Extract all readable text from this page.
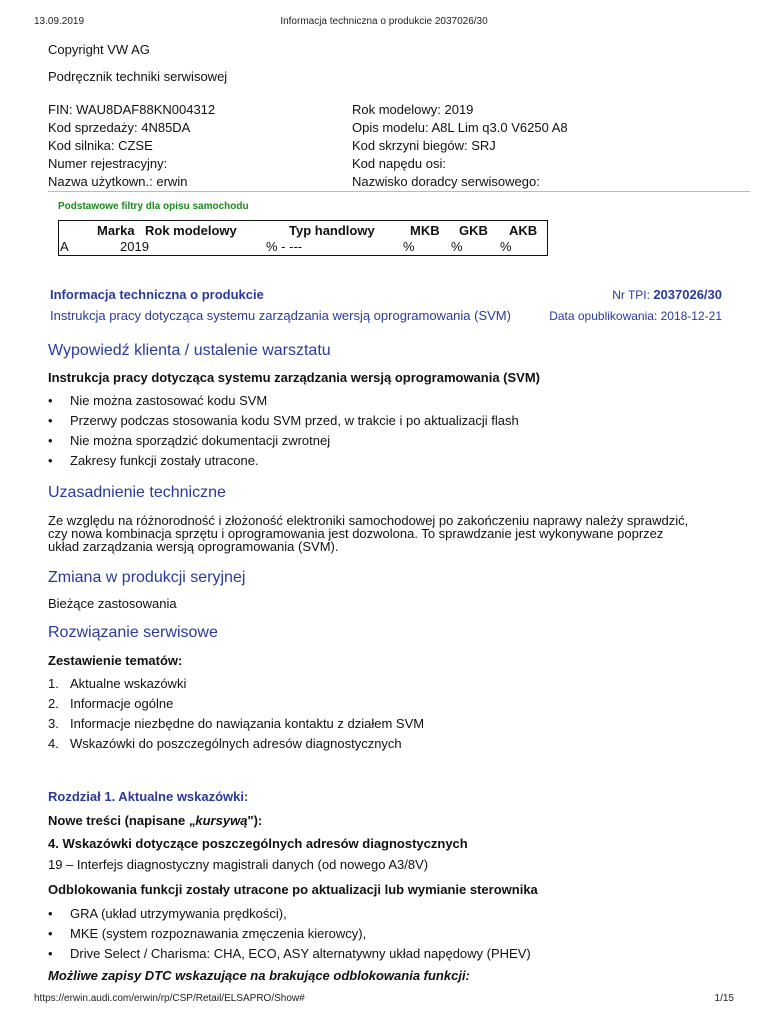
13.09.2019	Informacja techniczna o produkcie 2037026/30
Copyright VW AG
Podręcznik techniki serwisowej
FIN: WAU8DAF88KN004312	Rok modelowy: 2019
Kod sprzedaży: 4N85DA	Opis modelu: A8L Lim q3.0 V6250 A8
Kod silnika: CZSE	Kod skrzyni biegów: SRJ
Numer rejestracyjny:	Kod napędu osi:
Nazwa użytkown.: erwin	Nazwisko doradcy serwisowego:
Podstawowe filtry dla opisu samochodu
Marka Rok modelowy	Typ handlowy	MKB GKB AKB
A	2019	% - ---	%	%	%
Informacja techniczna o produkcie	Nr TPI: 2037026/30
Instrukcja pracy dotycząca systemu zarządzania wersją oprogramowania (SVM)	Data opublikowania: 2018-12-21
Wypowiedź klienta / ustalenie warsztatu
Instrukcja pracy dotycząca systemu zarządzania wersją oprogramowania (SVM)
• Nie można zastosować kodu SVM
• Przerwy podczas stosowania kodu SVM przed, w trakcie i po aktualizacji flash
• Nie można sporządzić dokumentacji zwrotnej
• Zakresy funkcji zostały utracone.
Uzasadnienie techniczne
Ze względu na różnorodność i złożoność elektroniki samochodowej po zakończeniu naprawy należy sprawdzić,
czy nowa kombinacja sprzętu i oprogramowania jest dozwolona. To sprawdzanie jest wykonywane poprzez
układ zarządzania wersją oprogramowania (SVM).
Zmiana w produkcji seryjnej
Bieżące zastosowania
Rozwiązanie serwisowe
Zestawienie tematów:
1. Aktualne wskazówki
2. Informacje ogólne
3. Informacje niezbędne do nawiązania kontaktu z działem SVM
4. Wskazówki do poszczególnych adresów diagnostycznych
Rozdział 1. Aktualne wskazówki:
Nowe treści (napisane „kursywą"):
4. Wskazówki dotyczące poszczególnych adresów diagnostycznych
19 – Interfejs diagnostyczny magistrali danych (od nowego A3/8V)
Odblokowania funkcji zostały utracone po aktualizacji lub wymianie sterownika
• GRA (układ utrzymywania prędkości),
• MKE (system rozpoznawania zmęczenia kierowcy),
• Drive Select / Charisma: CHA, ECO, ASY alternatywny układ napędowy (PHEV)
Możliwe zapisy DTC wskazujące na brakujące odblokowania funkcji:
https://erwin.audi.com/erwin/rp/CSP/Retail/ELSAPRO/Show#	1/15
